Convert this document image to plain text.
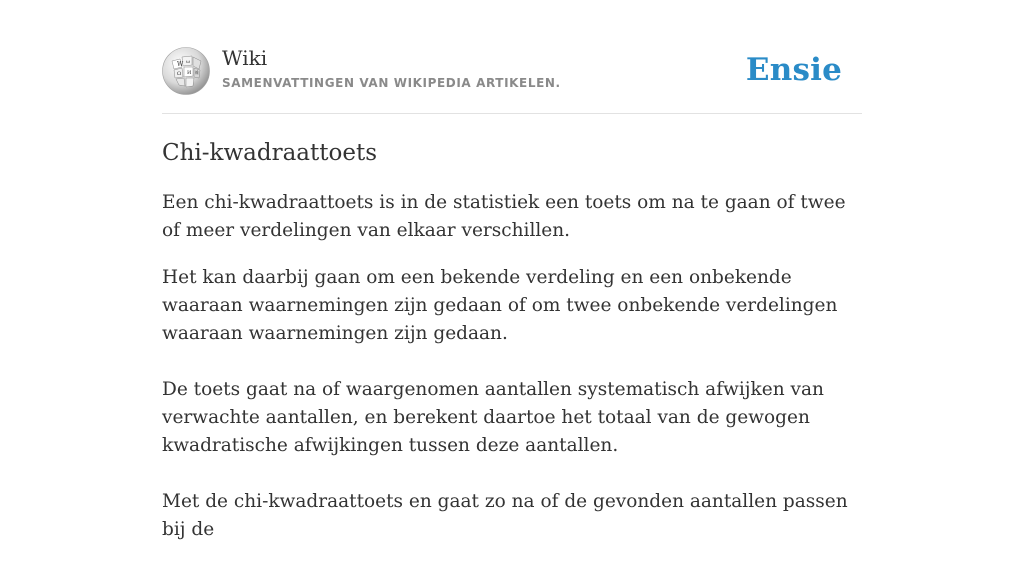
W ω
Ω И 維
Wiki
SAMENVATTINGEN VAN WIKIPEDIA ARTIKELEN.	Ensie
Chi-kwadraattoets

Een chi-kwadraattoets is in de statistiek een toets om na te gaan of twee of meer verdelingen van elkaar verschillen.

Het kan daarbij gaan om een bekende verdeling en een onbekende waaraan waarnemingen zijn gedaan of om twee onbekende verdelingen waaraan waarnemingen zijn gedaan.

De toets gaat na of waargenomen aantallen systematisch afwijken van verwachte aantallen, en berekent daartoe het totaal van de gewogen kwadratische afwijkingen tussen deze aantallen.

Met de chi-kwadraattoets en gaat zo na of de gevonden aantallen passen bij de
